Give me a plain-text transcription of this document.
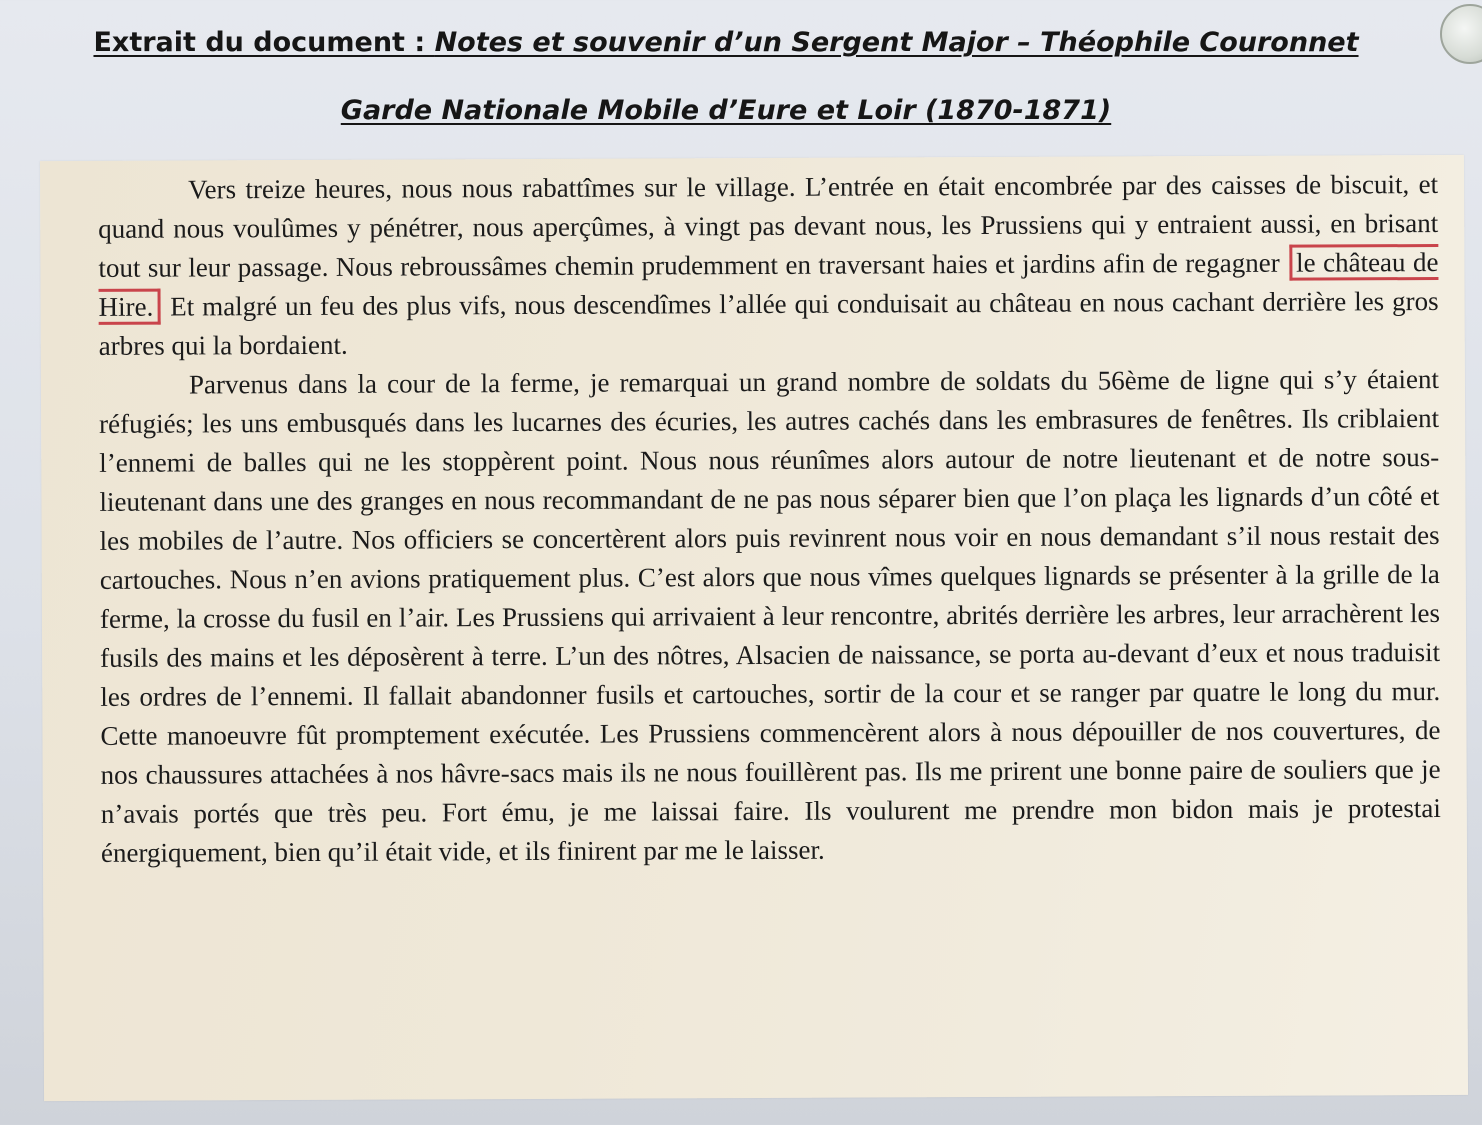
Extrait du document : Notes et souvenir d’un Sergent Major – Théophile Couronnet
Garde Nationale Mobile d’Eure et Loir (1870-1871)

Vers treize heures, nous nous rabattîmes sur le village. L’entrée en était encombrée par des caisses de biscuit, et quand nous voulûmes y pénétrer, nous aperçûmes, à vingt pas devant nous, les Prussiens qui y entraient aussi, en brisant tout sur leur passage. Nous rebroussâmes chemin prudemment en traversant haies et jardins afin de regagner le château de Hire. Et malgré un feu des plus vifs, nous descendîmes l’allée qui conduisait au château en nous cachant derrière les gros arbres qui la bordaient.

Parvenus dans la cour de la ferme, je remarquai un grand nombre de soldats du 56ème de ligne qui s’y étaient réfugiés; les uns embusqués dans les lucarnes des écuries, les autres cachés dans les embrasures de fenêtres. Ils criblaient l’ennemi de balles qui ne les stoppèrent point. Nous nous réunîmes alors autour de notre lieutenant et de notre sous-lieutenant dans une des granges en nous recommandant de ne pas nous séparer bien que l’on plaça les lignards d’un côté et les mobiles de l’autre. Nos officiers se concertèrent alors puis revinrent nous voir en nous demandant s’il nous restait des cartouches. Nous n’en avions pratiquement plus. C’est alors que nous vîmes quelques lignards se présenter à la grille de la ferme, la crosse du fusil en l’air. Les Prussiens qui arrivaient à leur rencontre, abrités derrière les arbres, leur arrachèrent les fusils des mains et les déposèrent à terre. L’un des nôtres, Alsacien de naissance, se porta au-devant d’eux et nous traduisit les ordres de l’ennemi. Il fallait abandonner fusils et cartouches, sortir de la cour et se ranger par quatre le long du mur. Cette manoeuvre fût promptement exécutée. Les Prussiens commencèrent alors à nous dépouiller de nos couvertures, de nos chaussures attachées à nos hâvre-sacs mais ils ne nous fouillèrent pas. Ils me prirent une bonne paire de souliers que je n’avais portés que très peu. Fort ému, je me laissai faire. Ils voulurent me prendre mon bidon mais je protestai énergiquement, bien qu’il était vide, et ils finirent par me le laisser.
